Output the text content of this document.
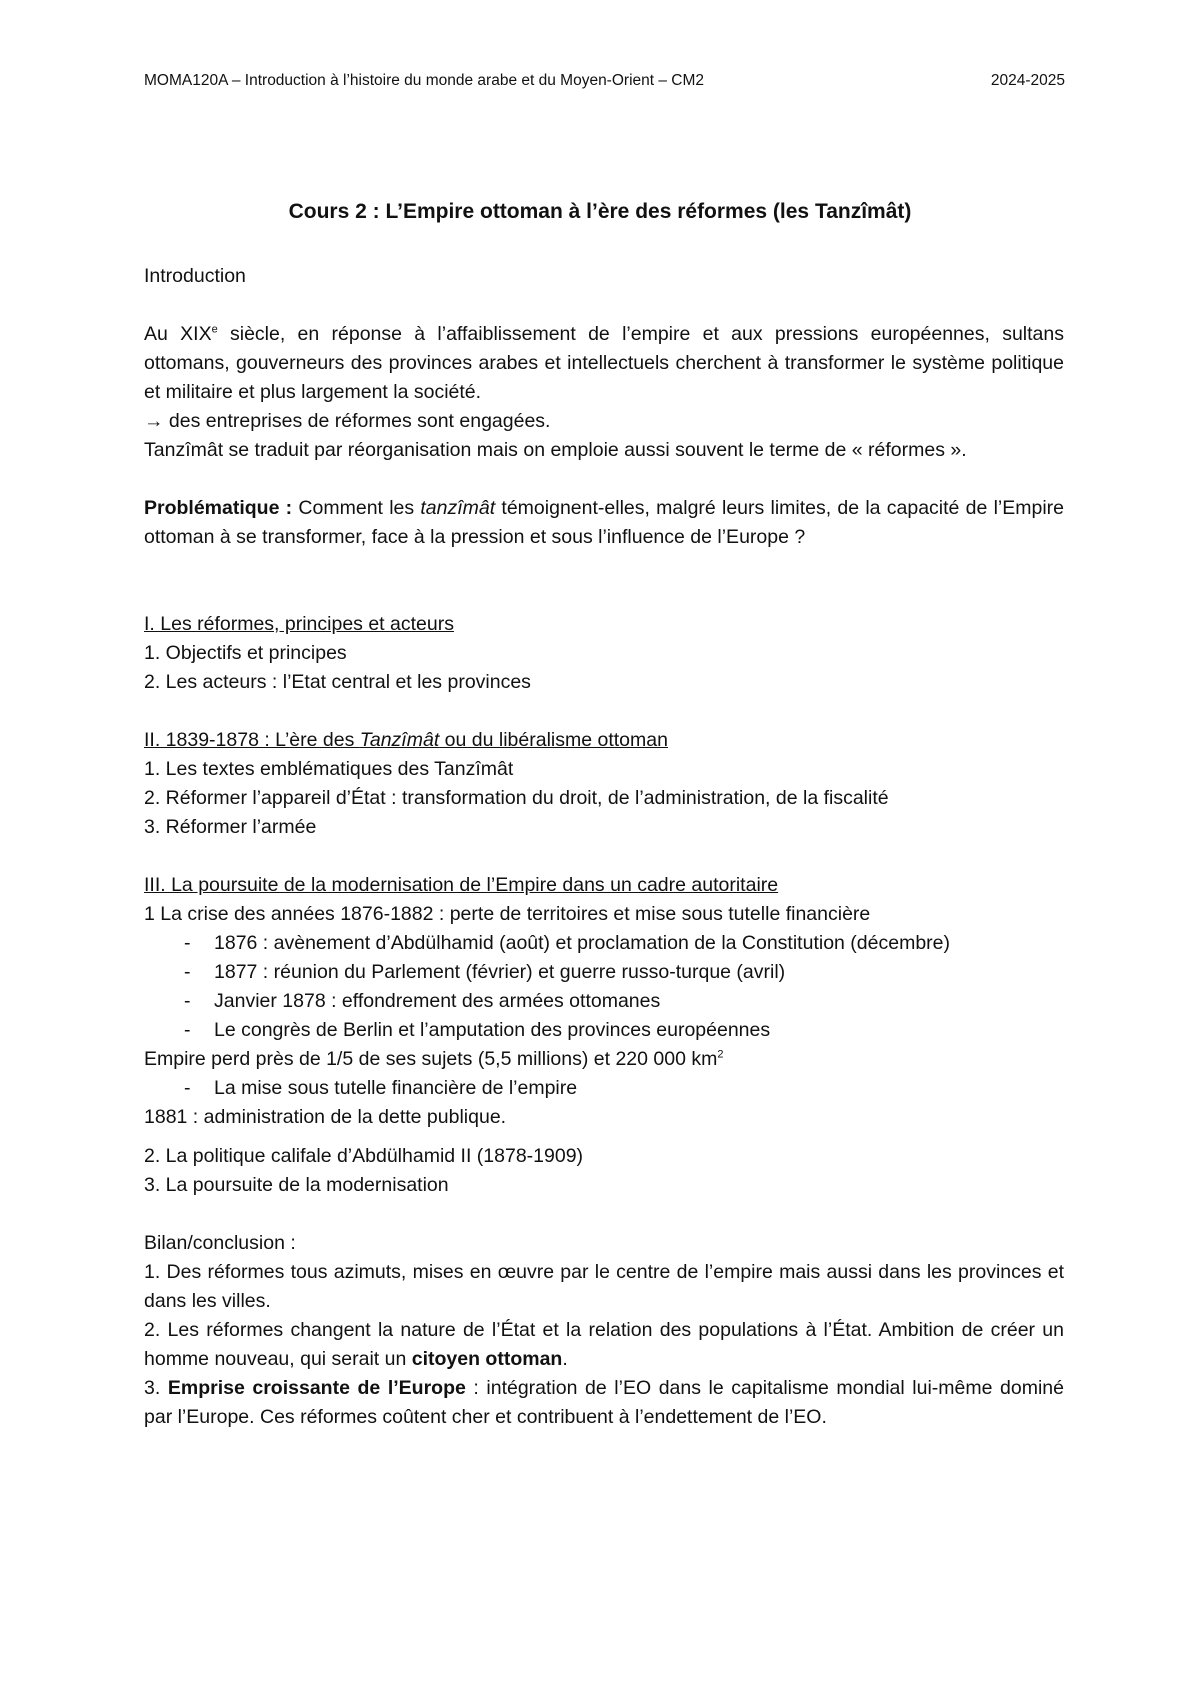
MOMA120A – Introduction à l’histoire du monde arabe et du Moyen-Orient – CM2	2024-2025
Cours 2 : L’Empire ottoman à l’ère des réformes (les Tanzîmât)

Introduction

Au XIXe siècle, en réponse à l’affaiblissement de l’empire et aux pressions européennes, sultans ottomans, gouverneurs des provinces arabes et intellectuels cherchent à transformer le système politique et militaire et plus largement la société.

→ des entreprises de réformes sont engagées.

Tanzîmât se traduit par réorganisation mais on emploie aussi souvent le terme de « réformes ».

Problématique : Comment les tanzîmât témoignent-elles, malgré leurs limites, de la capacité de l’Empire ottoman à se transformer, face à la pression et sous l’influence de l’Europe ?

I. Les réformes, principes et acteurs

1. Objectifs et principes

2. Les acteurs : l’Etat central et les provinces

II. 1839-1878 : L’ère des Tanzîmât ou du libéralisme ottoman

1. Les textes emblématiques des Tanzîmât

2. Réformer l’appareil d’État : transformation du droit, de l’administration, de la fiscalité

3. Réformer l’armée

III. La poursuite de la modernisation de l’Empire dans un cadre autoritaire

1 La crise des années 1876-1882 : perte de territoires et mise sous tutelle financière

- 1876 : avènement d’Abdülhamid (août) et proclamation de la Constitution (décembre)

- 1877 : réunion du Parlement (février) et guerre russo-turque (avril)

- Janvier 1878 : effondrement des armées ottomanes

- Le congrès de Berlin et l’amputation des provinces européennes

Empire perd près de 1/5 de ses sujets (5,5 millions) et 220 000 $km^2$

- La mise sous tutelle financière de l’empire

1881 : administration de la dette publique.

2. La politique califale d’Abdülhamid II (1878-1909)

3. La poursuite de la modernisation

Bilan/conclusion :

1. Des réformes tous azimuts, mises en œuvre par le centre de l’empire mais aussi dans les provinces et dans les villes.

2. Les réformes changent la nature de l’État et la relation des populations à l’État. Ambition de créer un homme nouveau, qui serait un citoyen ottoman.

3. Emprise croissante de l’Europe : intégration de l’EO dans le capitalisme mondial lui-même dominé par l’Europe. Ces réformes coûtent cher et contribuent à l’endettement de l’EO.
